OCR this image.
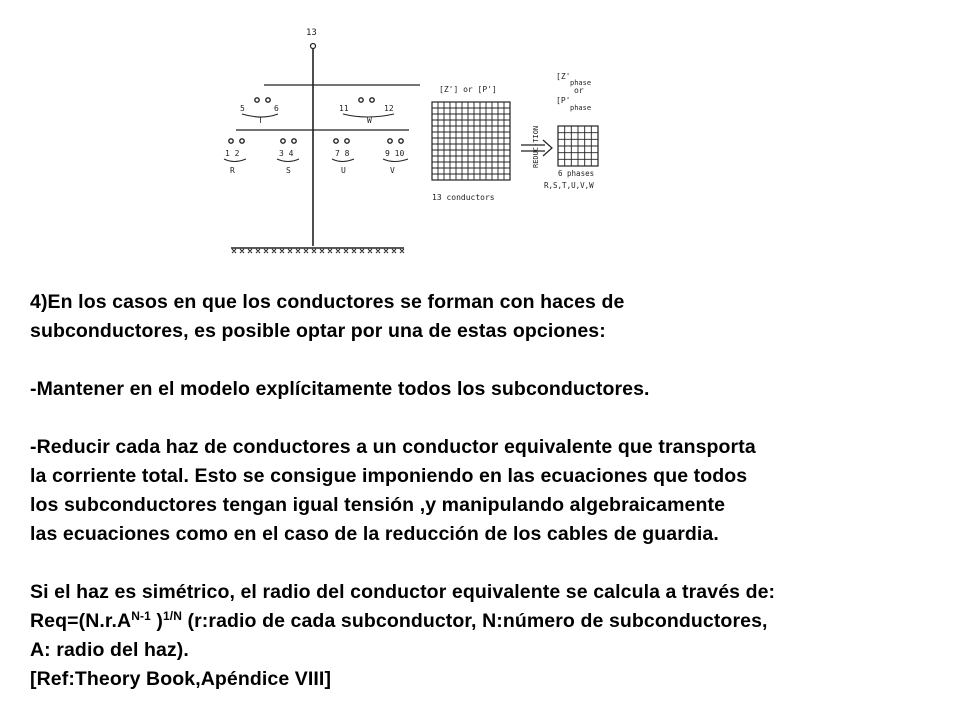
13
5	6
T
11	12
W
1 2
R
3 4
S
7 8
U
9 10
V
[Z'] or [P']
13 conductors
REDUC-TION
[Z'
phase
or
[P'
phase
6 phases
R,S,T,U,V,W

4)En los casos en que los conductores se forman con haces de

subconductores, es posible optar por una de estas opciones:

-Mantener en el modelo explícitamente todos los subconductores.

-Reducir cada haz de conductores a un conductor equivalente que transporta

la corriente total. Esto se consigue imponiendo en las ecuaciones que todos

los subconductores tengan igual tensión ,y manipulando algebraicamente

las ecuaciones como en el caso de la reducción de los cables de guardia.

Si el haz es simétrico, el radio del conductor equivalente se calcula a través de:

$Req=(N.r.A^{N-1}$ )$^{1/N}$ (r:radio de cada subconductor, N:número de subconductores,

A: radio del haz).

[Ref:Theory Book,Apéndice VIII]
